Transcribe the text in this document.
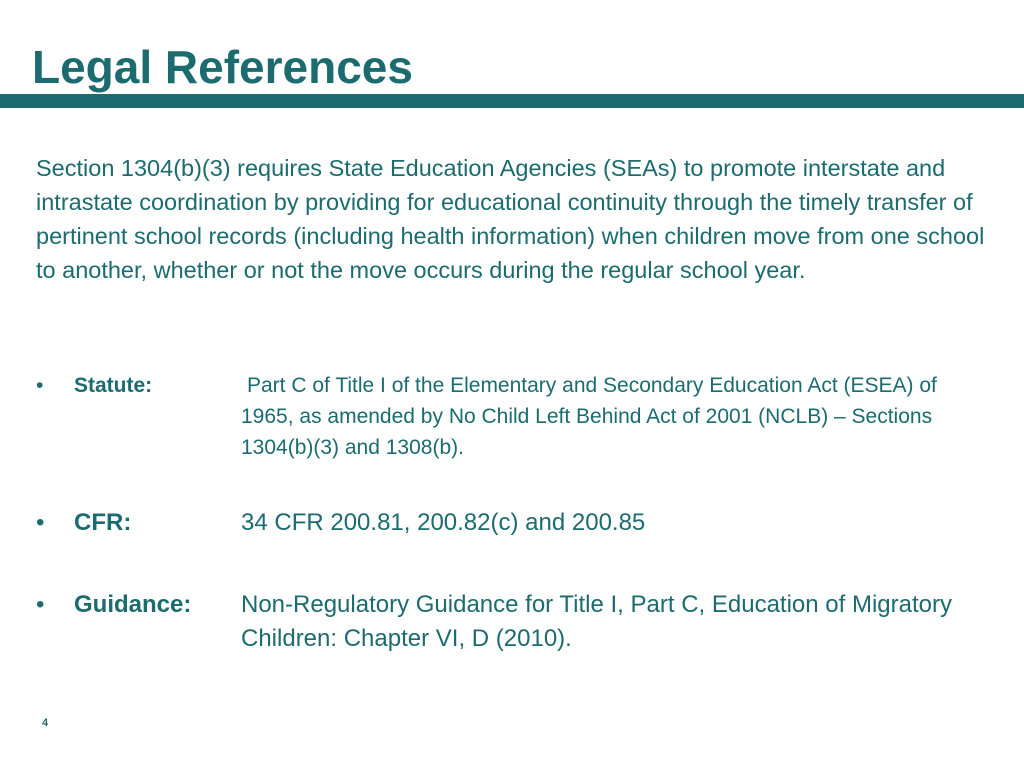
Legal References

Section 1304(b)(3) requires State Education Agencies (SEAs) to promote interstate and intrastate coordination by providing for educational continuity through the timely transfer of pertinent school records (including health information) when children move from one school to another, whether or not the move occurs during the regular school year.

• Statute:	Part C of Title I of the Elementary and Secondary Education Act (ESEA) of 1965, as amended by No Child Left Behind Act of 2001 (NCLB) – Sections 1304(b)(3) and 1308(b).
• CFR:	34 CFR 200.81, 200.82(c) and 200.85
• Guidance: Non-Regulatory Guidance for Title I, Part C, Education of Migratory Children: Chapter VI, D (2010).
4
